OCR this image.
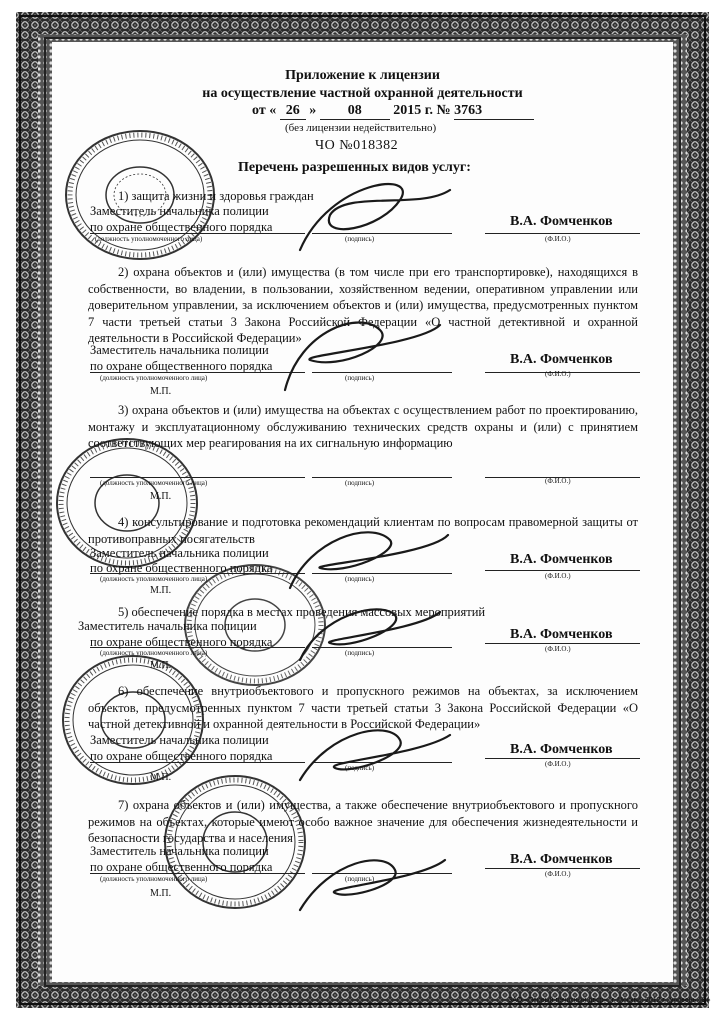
Приложение к лицензии
на осуществление частной охранной деятельности
от « 26 » 08 2015 г. № 3763
(без лицензии недействительно)
ЧО №018382
Перечень разрешенных видов услуг:
1) защита жизни и здоровья граждан
Заместитель начальника полиции
по охране общественного порядка
(должность уполномоченного лица)	(подпись)	(Ф.И.О.)
В.А. Фомченков
2) охрана объектов и (или) имущества (в том числе при его транспортировке), находящихся в собственности, во владении, в пользовании, хозяйственном ведении, оперативном управлении или доверительном управлении, за исключением объектов и (или) имущества, предусмотренных пунктом 7 части третьей статьи 3 Закона Российской Федерации «О частной детективной и охранной деятельности в Российской Федерации»
Заместитель начальника полиции
по охране общественного порядка
(должность уполномоченного лица)	(подпись)	(Ф.И.О.)
В.А. Фомченков
М.П.
3) охрана объектов и (или) имущества на объектах с осуществлением работ по проектированию, монтажу и эксплуатационному обслуживанию технических средств охраны и (или) с принятием соответствующих мер реагирования на их сигнальную информацию
(должность уполномоченного лица)	(подпись)	(Ф.И.О.)
М.П.
4) консультирование и подготовка рекомендаций клиентам по вопросам правомерной защиты от противоправных посягательств
Заместитель начальника полиции
по охране общественного порядка
(должность уполномоченного лица)	(подпись)	(Ф.И.О.)
В.А. Фомченков
М.П.
5) обеспечение порядка в местах проведения массовых мероприятий
Заместитель начальника полиции
по охране общественного порядка
(должность уполномоченного лица)	(подпись)	(Ф.И.О.)
В.А. Фомченков
М.П.
6) обеспечение внутриобъектового и пропускного режимов на объектах, за исключением объектов, предусмотренных пунктом 7 части третьей статьи 3 Закона Российской Федерации «О частной детективной и охранной деятельности в Российской Федерации»
Заместитель начальника полиции
по охране общественного порядка
(подпись)	(Ф.И.О.)
В.А. Фомченков
М.П.
7) охрана объектов и (или) имущества, а также обеспечение внутриобъектового и пропускного режимов на объектах, которые имеют особо важное значение для обеспечения жизнедеятельности и безопасности государства и населения
Заместитель начальника полиции
по охране общественного порядка
(должность уполномоченного лица)	(подпись)
(Ф.И.О.)
В.А. Фомченков
М.П.
ЗАО «Первый печатный двор», г. Москва, 2012 г., уровень «Б»
